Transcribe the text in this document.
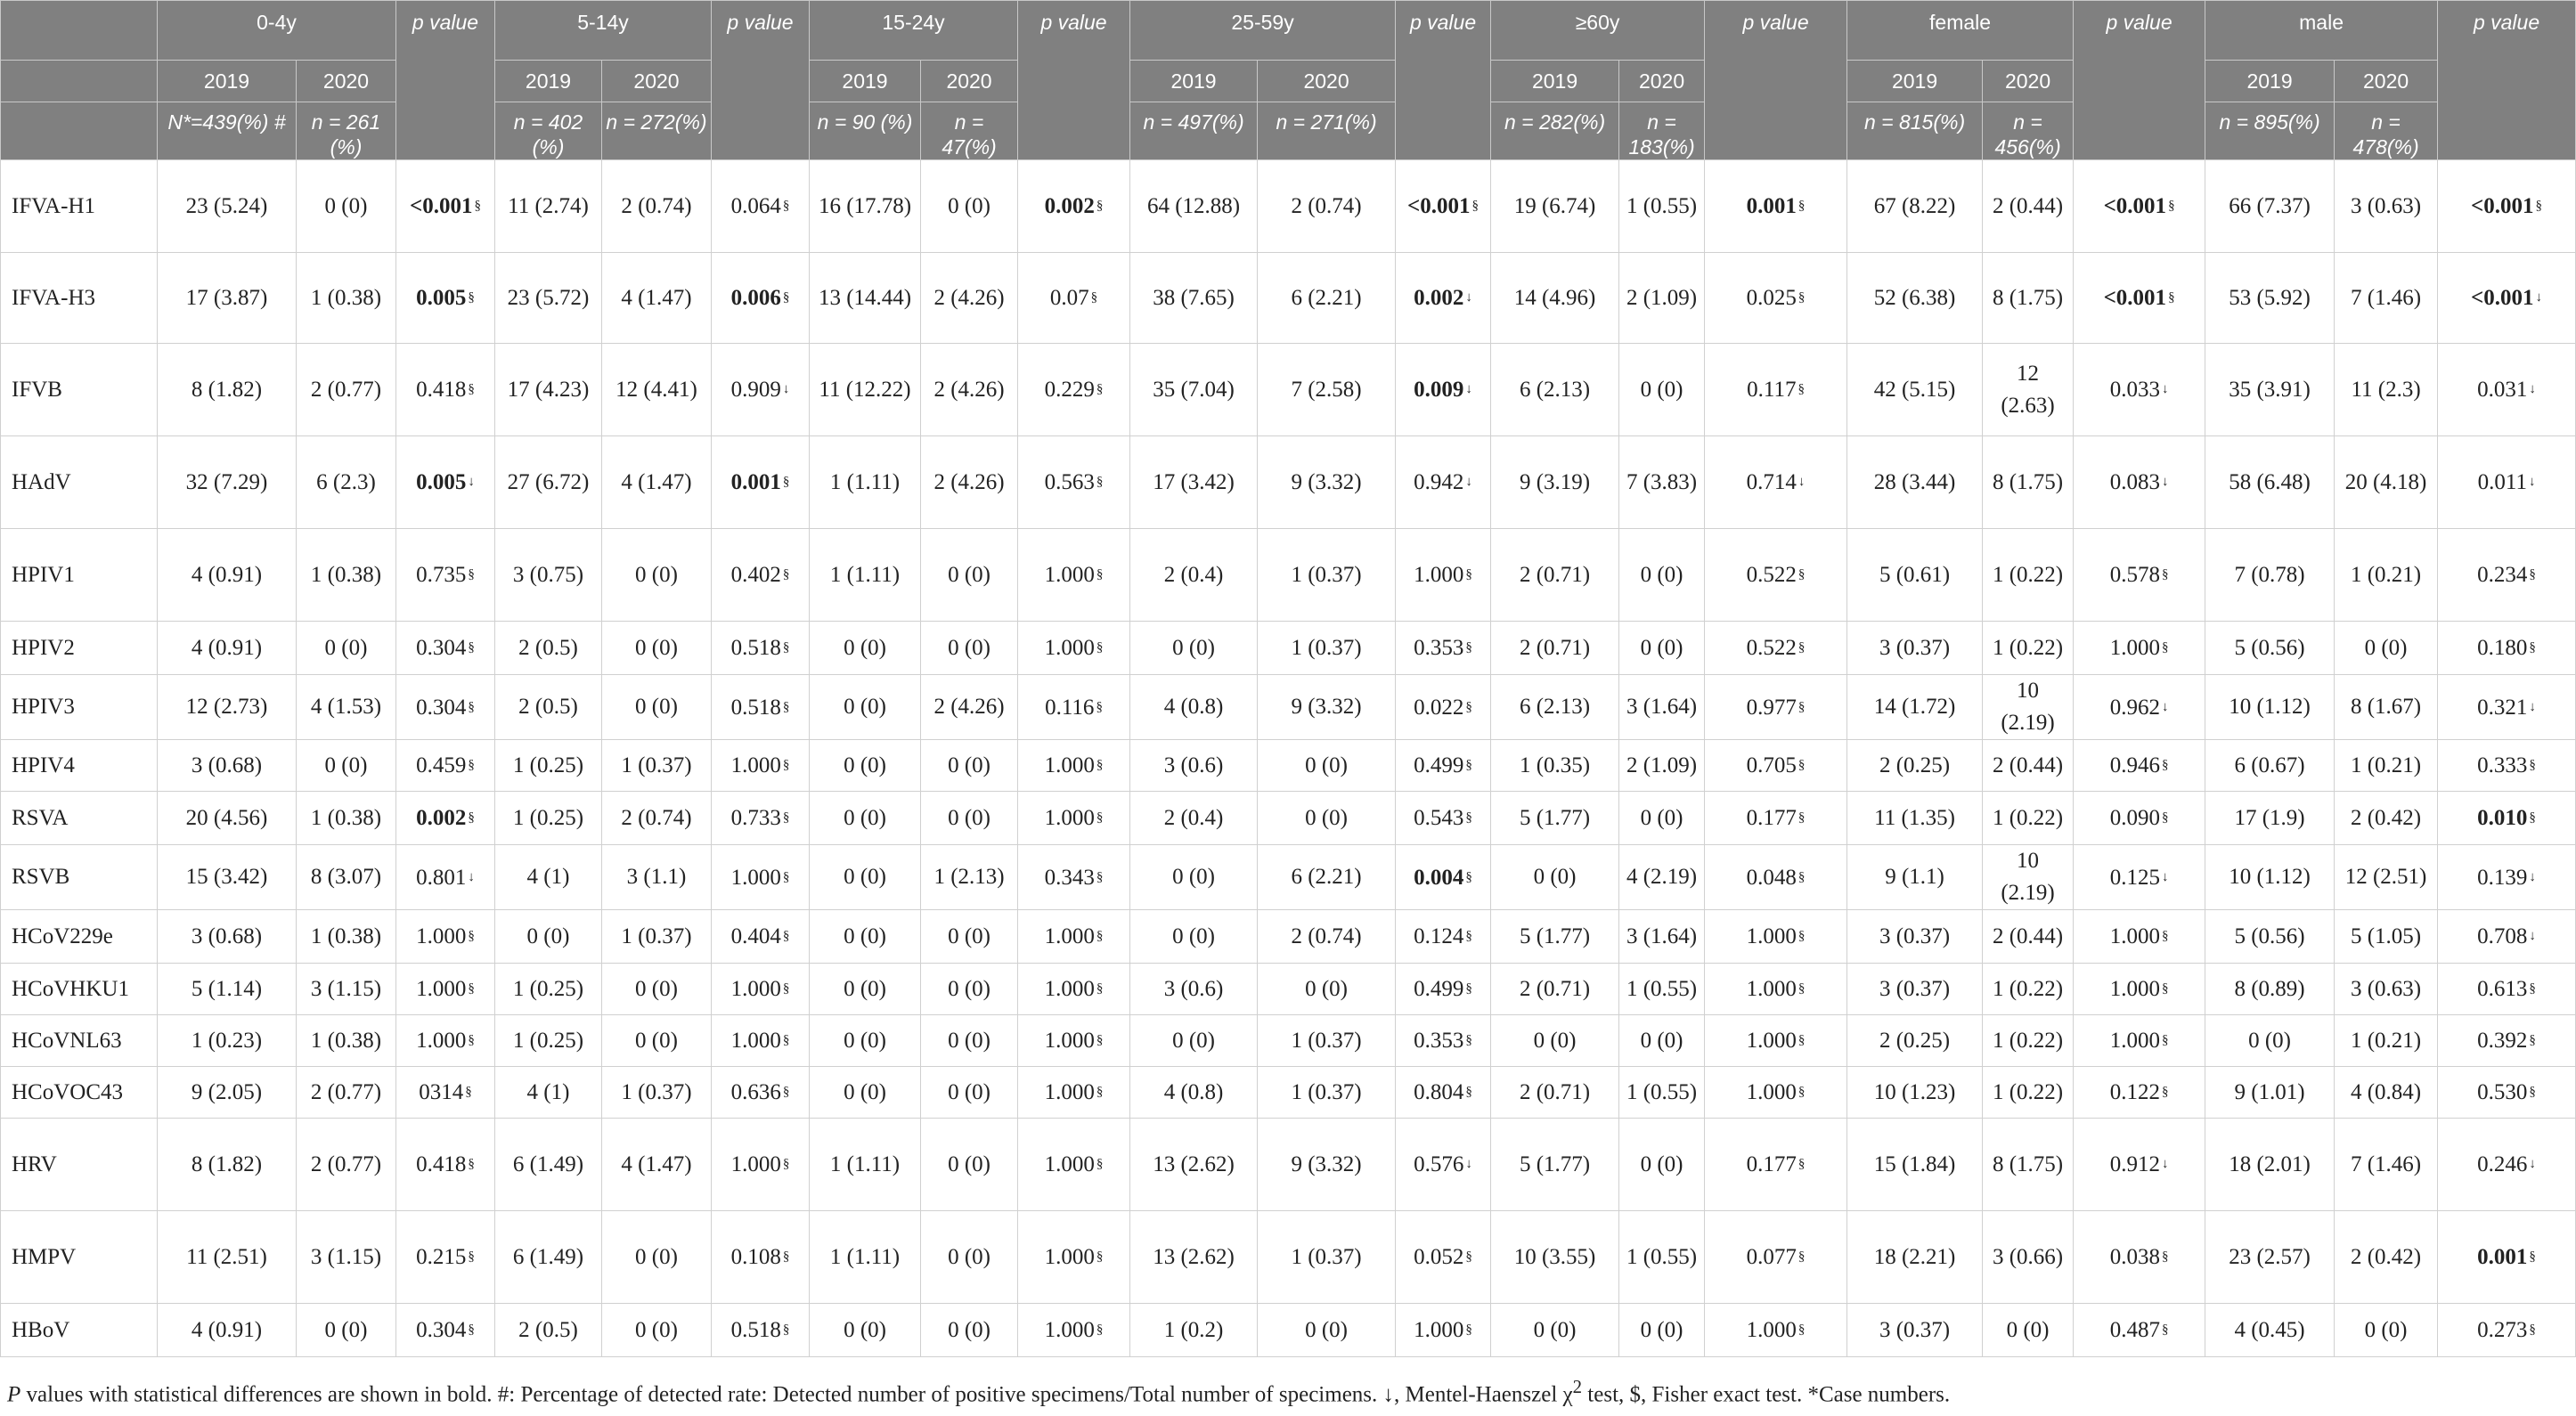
	0-4y		p value	5-14y		p value	15-24y		p value	25-59y		p value	≥60y		p value	female		p value	male		p value
	2019	2020		2019	2020		2019	2020		2019	2020		2019	2020		2019	2020		2019	2020	
	N*=439(%) #	n = 261 (%)		n = 402 (%)	n = 272(%)		n = 90 (%)	n = 47(%)		n = 497(%)	n = 271(%)		n = 282(%)	n = 183(%)		n = 815(%)	n = 456(%)		n = 895(%)	n = 478(%)	
IFVA-H1	23 (5.24)	0 (0)	<0.001 §	11 (2.74)	2 (0.74)	0.064 §	16 (17.78)	0 (0)	0.002 §	64 (12.88)	2 (0.74)	<0.001 §	19 (6.74)	1 (0.55)	0.001 §	67 (8.22)	2 (0.44)	<0.001 §	66 (7.37)	3 (0.63)	<0.001 §
IFVA-H3	17 (3.87)	1 (0.38)	0.005 §	23 (5.72)	4 (1.47)	0.006 §	13 (14.44)	2 (4.26)	0.07 §	38 (7.65)	6 (2.21)	0.002 ↓	14 (4.96)	2 (1.09)	0.025 §	52 (6.38)	8 (1.75)	<0.001 §	53 (5.92)	7 (1.46)	<0.001 ↓
IFVB	8 (1.82)	2 (0.77)	0.418 §	17 (4.23)	12 (4.41)	0.909 ↓	11 (12.22)	2 (4.26)	0.229 §	35 (7.04)	7 (2.58)	0.009 ↓	6 (2.13)	0 (0)	0.117 §	42 (5.15)	12 (2.63)	0.033 ↓	35 (3.91)	11 (2.3)	0.031 ↓
HAdV	32 (7.29)	6 (2.3)	0.005 ↓	27 (6.72)	4 (1.47)	0.001 §	1 (1.11)	2 (4.26)	0.563 §	17 (3.42)	9 (3.32)	0.942 ↓	9 (3.19)	7 (3.83)	0.714 ↓	28 (3.44)	8 (1.75)	0.083 ↓	58 (6.48)	20 (4.18)	0.011 ↓
HPIV1	4 (0.91)	1 (0.38)	0.735 §	3 (0.75)	0 (0)	0.402 §	1 (1.11)	0 (0)	1.000 §	2 (0.4)	1 (0.37)	1.000 §	2 (0.71)	0 (0)	0.522 §	5 (0.61)	1 (0.22)	0.578 §	7 (0.78)	1 (0.21)	0.234 §
HPIV2	4 (0.91)	0 (0)	0.304 §	2 (0.5)	0 (0)	0.518 §	0 (0)	0 (0)	1.000 §	0 (0)	1 (0.37)	0.353 §	2 (0.71)	0 (0)	0.522 §	3 (0.37)	1 (0.22)	1.000 §	5 (0.56)	0 (0)	0.180 §
HPIV3	12 (2.73)	4 (1.53)	0.304 §	2 (0.5)	0 (0)	0.518 §	0 (0)	2 (4.26)	0.116 §	4 (0.8)	9 (3.32)	0.022 §	6 (2.13)	3 (1.64)	0.977 §	14 (1.72)	10 (2.19)	0.962 ↓	10 (1.12)	8 (1.67)	0.321 ↓
HPIV4	3 (0.68)	0 (0)	0.459 §	1 (0.25)	1 (0.37)	1.000 §	0 (0)	0 (0)	1.000 §	3 (0.6)	0 (0)	0.499 §	1 (0.35)	2 (1.09)	0.705 §	2 (0.25)	2 (0.44)	0.946 §	6 (0.67)	1 (0.21)	0.333 §
RSVA	20 (4.56)	1 (0.38)	0.002 §	1 (0.25)	2 (0.74)	0.733 §	0 (0)	0 (0)	1.000 §	2 (0.4)	0 (0)	0.543 §	5 (1.77)	0 (0)	0.177 §	11 (1.35)	1 (0.22)	0.090 §	17 (1.9)	2 (0.42)	0.010 §
RSVB	15 (3.42)	8 (3.07)	0.801 ↓	4 (1)	3 (1.1)	1.000 §	0 (0)	1 (2.13)	0.343 §	0 (0)	6 (2.21)	0.004 §	0 (0)	4 (2.19)	0.048 §	9 (1.1)	10 (2.19)	0.125 ↓	10 (1.12)	12 (2.51)	0.139 ↓
HCoV229e	3 (0.68)	1 (0.38)	1.000 §	0 (0)	1 (0.37)	0.404 §	0 (0)	0 (0)	1.000 §	0 (0)	2 (0.74)	0.124 §	5 (1.77)	3 (1.64)	1.000 §	3 (0.37)	2 (0.44)	1.000 §	5 (0.56)	5 (1.05)	0.708 ↓
HCoVHKU1	5 (1.14)	3 (1.15)	1.000 §	1 (0.25)	0 (0)	1.000 §	0 (0)	0 (0)	1.000 §	3 (0.6)	0 (0)	0.499 §	2 (0.71)	1 (0.55)	1.000 §	3 (0.37)	1 (0.22)	1.000 §	8 (0.89)	3 (0.63)	0.613 §
HCoVNL63	1 (0.23)	1 (0.38)	1.000 §	1 (0.25)	0 (0)	1.000 §	0 (0)	0 (0)	1.000 §	0 (0)	1 (0.37)	0.353 §	0 (0)	0 (0)	1.000 §	2 (0.25)	1 (0.22)	1.000 §	0 (0)	1 (0.21)	0.392 §
HCoVOC43	9 (2.05)	2 (0.77)	0314 §	4 (1)	1 (0.37)	0.636 §	0 (0)	0 (0)	1.000 §	4 (0.8)	1 (0.37)	0.804 §	2 (0.71)	1 (0.55)	1.000 §	10 (1.23)	1 (0.22)	0.122 §	9 (1.01)	4 (0.84)	0.530 §
HRV	8 (1.82)	2 (0.77)	0.418 §	6 (1.49)	4 (1.47)	1.000 §	1 (1.11)	0 (0)	1.000 §	13 (2.62)	9 (3.32)	0.576 ↓	5 (1.77)	0 (0)	0.177 §	15 (1.84)	8 (1.75)	0.912 ↓	18 (2.01)	7 (1.46)	0.246 ↓
HMPV	11 (2.51)	3 (1.15)	0.215 §	6 (1.49)	0 (0)	0.108 §	1 (1.11)	0 (0)	1.000 §	13 (2.62)	1 (0.37)	0.052 §	10 (3.55)	1 (0.55)	0.077 §	18 (2.21)	3 (0.66)	0.038 §	23 (2.57)	2 (0.42)	0.001 §
HBoV	4 (0.91)	0 (0)	0.304 §	2 (0.5)	0 (0)	0.518 §	0 (0)	0 (0)	1.000 §	1 (0.2)	0 (0)	1.000 §	0 (0)	0 (0)	1.000 §	3 (0.37)	0 (0)	0.487 §	4 (0.45)	0 (0)	0.273 §
P values with statistical differences are shown in bold. #: Percentage of detected rate: Detected number of positive specimens/Total number of specimens. ↓, Mentel-Haenszel $\chi^2$ test, $, Fisher exact test. *Case numbers.
